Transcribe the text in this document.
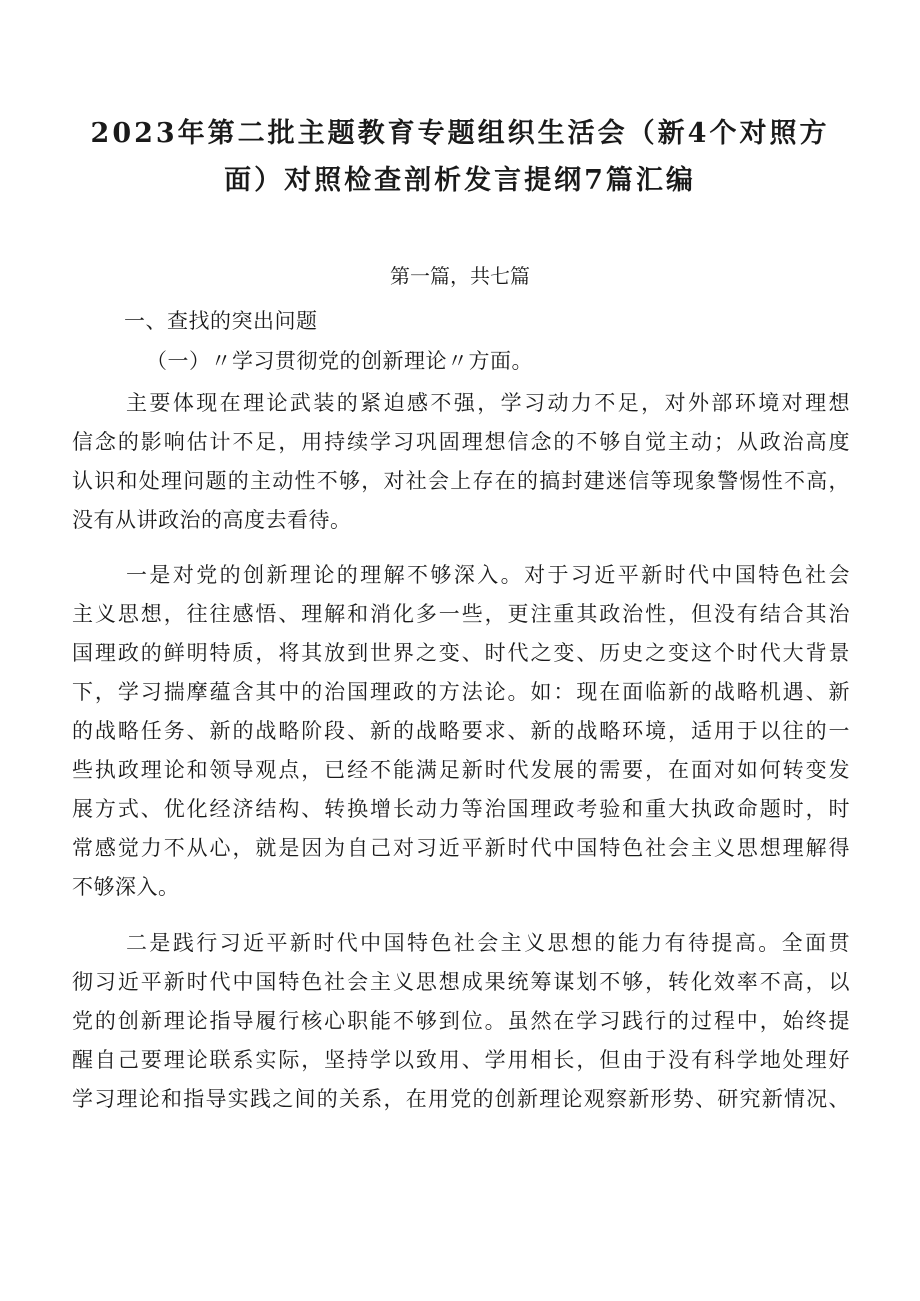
2023年第二批主题教育专题组织生活会（新4个对照方
面）对照检查剖析发言提纲7篇汇编
第一篇，共七篇
一、查找的突出问题
（一）〃学习贯彻党的创新理论〃方面。
主要体现在理论武装的紧迫感不强，学习动力不足，对外部环境对理想
信念的影响估计不足，用持续学习巩固理想信念的不够自觉主动；从政治高度
认识和处理问题的主动性不够，对社会上存在的搞封建迷信等现象警惕性不高，
没有从讲政治的高度去看待。
一是对党的创新理论的理解不够深入。对于习近平新时代中国特色社会
主义思想，往往感悟、理解和消化多一些，更注重其政治性，但没有结合其治
国理政的鲜明特质，将其放到世界之变、时代之变、历史之变这个时代大背景
下，学习揣摩蕴含其中的治国理政的方法论。如：现在面临新的战略机遇、新
的战略任务、新的战略阶段、新的战略要求、新的战略环境，适用于以往的一
些执政理论和领导观点，已经不能满足新时代发展的需要，在面对如何转变发
展方式、优化经济结构、转换增长动力等治国理政考验和重大执政命题时，时
常感觉力不从心，就是因为自己对习近平新时代中国特色社会主义思想理解得
不够深入。
二是践行习近平新时代中国特色社会主义思想的能力有待提高。全面贯
彻习近平新时代中国特色社会主义思想成果统筹谋划不够，转化效率不高，以
党的创新理论指导履行核心职能不够到位。虽然在学习践行的过程中，始终提
醒自己要理论联系实际，坚持学以致用、学用相长，但由于没有科学地处理好
学习理论和指导实践之间的关系，在用党的创新理论观察新形势、研究新情况、
